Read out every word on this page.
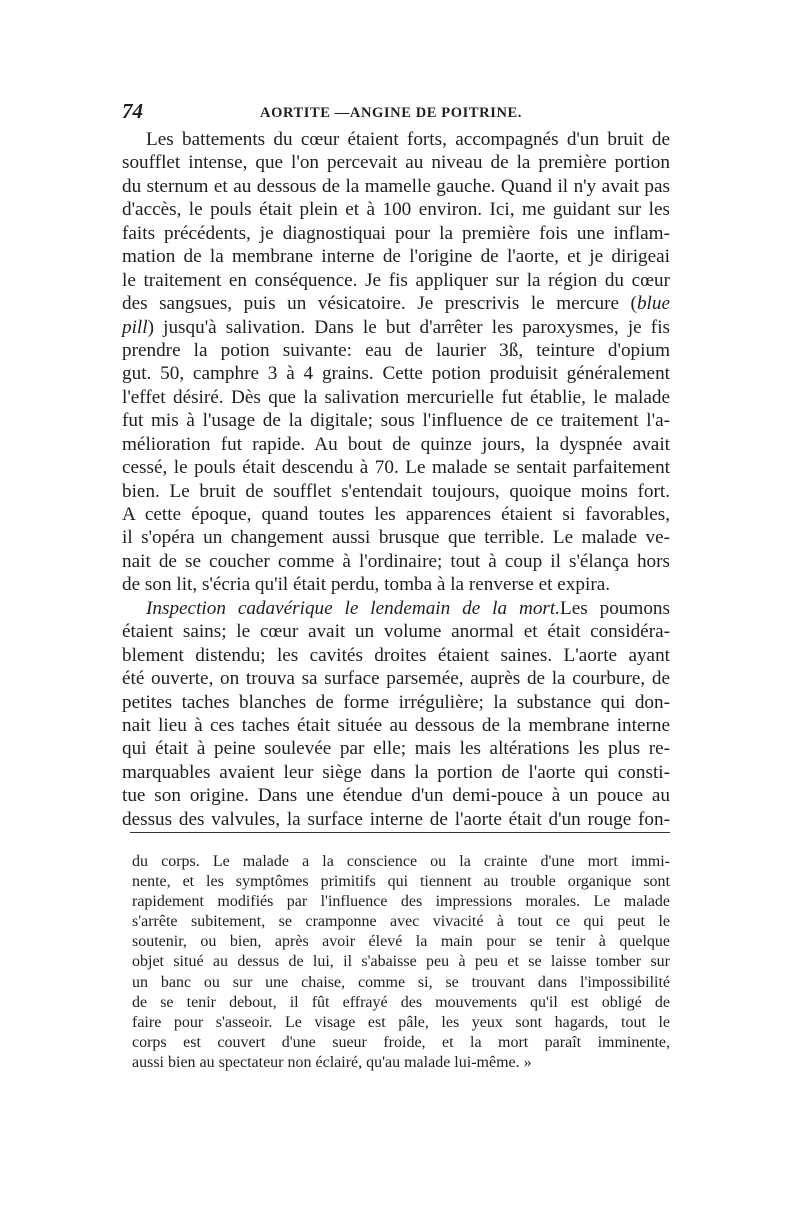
74	AORTITE —ANGINE DE POITRINE.
Les battements du cœur étaient forts, accompagnés d'un bruit de
soufflet intense, que l'on percevait au niveau de la première portion
du sternum et au dessous de la mamelle gauche. Quand il n'y avait pas
d'accès, le pouls était plein et à 100 environ. Ici, me guidant sur les
faits précédents, je diagnostiquai pour la première fois une inflam-
mation de la membrane interne de l'origine de l'aorte, et je dirigeai
le traitement en conséquence. Je fis appliquer sur la région du cœur
des sangsues, puis un vésicatoire. Je prescrivis le mercure (blue
pill) jusqu'à salivation. Dans le but d'arrêter les paroxysmes, je fis
prendre la potion suivante: eau de laurier 3ß, teinture d'opium
gut. 50, camphre 3 à 4 grains. Cette potion produisit généralement
l'effet désiré. Dès que la salivation mercurielle fut établie, le malade
fut mis à l'usage de la digitale; sous l'influence de ce traitement l'a-
mélioration fut rapide. Au bout de quinze jours, la dyspnée avait
cessé, le pouls était descendu à 70. Le malade se sentait parfaitement
bien. Le bruit de soufflet s'entendait toujours, quoique moins fort.
A cette époque, quand toutes les apparences étaient si favorables,
il s'opéra un changement aussi brusque que terrible. Le malade ve-
nait de se coucher comme à l'ordinaire; tout à coup il s'élança hors
de son lit, s'écria qu'il était perdu, tomba à la renverse et expira.
Inspection cadavérique le lendemain de la mort.Les poumons
étaient sains; le cœur avait un volume anormal et était considéra-
blement distendu; les cavités droites étaient saines. L'aorte ayant
été ouverte, on trouva sa surface parsemée, auprès de la courbure, de
petites taches blanches de forme irrégulière; la substance qui don-
nait lieu à ces taches était située au dessous de la membrane interne
qui était à peine soulevée par elle; mais les altérations les plus re-
marquables avaient leur siège dans la portion de l'aorte qui consti-
tue son origine. Dans une étendue d'un demi-pouce à un pouce au
dessus des valvules, la surface interne de l'aorte était d'un rouge fon-
du corps. Le malade a la conscience ou la crainte d'une mort immi-
nente, et les symptômes primitifs qui tiennent au trouble organique sont
rapidement modifiés par l'influence des impressions morales. Le malade
s'arrête subitement, se cramponne avec vivacité à tout ce qui peut le
soutenir, ou bien, après avoir élevé la main pour se tenir à quelque
objet situé au dessus de lui, il s'abaisse peu à peu et se laisse tomber sur
un banc ou sur une chaise, comme si, se trouvant dans l'impossibilité
de se tenir debout, il fût effrayé des mouvements qu'il est obligé de
faire pour s'asseoir. Le visage est pâle, les yeux sont hagards, tout le
corps est couvert d'une sueur froide, et la mort paraît imminente,
aussi bien au spectateur non éclairé, qu'au malade lui-même. »
